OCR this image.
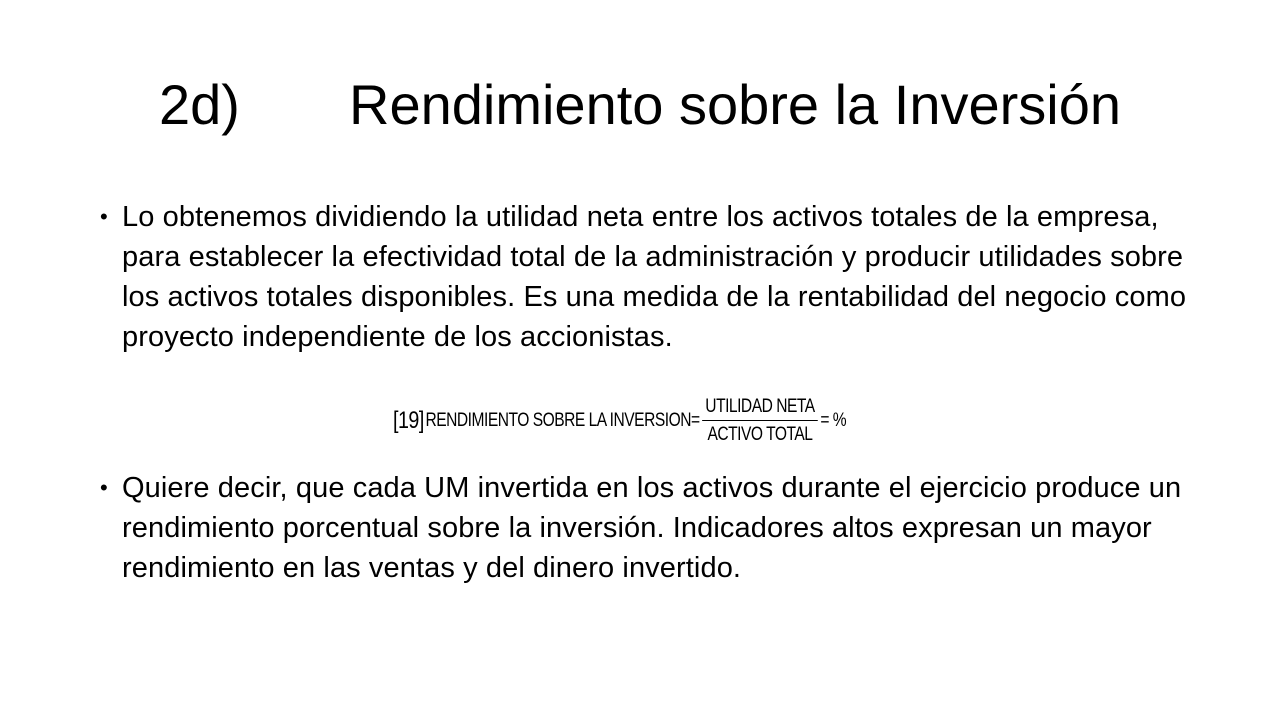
2d) Rendimiento sobre la Inversión
• Lo obtenemos dividiendo la utilidad neta entre los activos totales de la empresa, para establecer la efectividad total de la administración y producir utilidades sobre los activos totales disponibles. Es una medida de la rentabilidad del negocio como proyecto independiente de los accionistas.
[19] RENDIMIENTO SOBRE LA INVERSION= $\frac{\text{UTILIDAD NETA}}{\text{ACTIVO TOTAL}}$ = %
• Quiere decir, que cada UM invertida en los activos durante el ejercicio produce un rendimiento porcentual sobre la inversión. Indicadores altos expresan un mayor rendimiento en las ventas y del dinero invertido.
